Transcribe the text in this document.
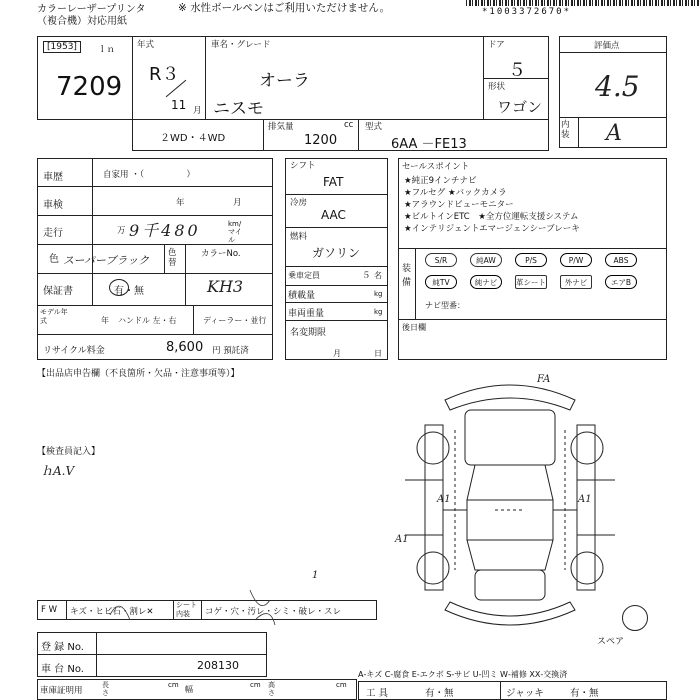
カラーレーザープリンタ
（複合機）対応用紙
※ 水性ボールペンはご利用いただけません。	*1003372670*
[1953]	ｌｎ
7209
年式
R３
11 月
車名・グレード
オーラ
ニスモ
ドア
５
形状
ワゴン
評価点
4.5
内装 A
２WD・４WD
排気量	cc
1200
型式
6AA －FE13
車歴	自家用 ・（　　　　　）
車検	年	月
走行	万 9千480	km/マイル
色 スーパーブラック
色替
カラーNo.
保証書	有・無	KH3
モデル年式	年 ハンドル 左・右	ディーラー・並行
リサイクル料金	8,600 円 預託済
シフト
FAT
冷房
AAC
燃料
ガソリン
乗車定員	５ 名
積載量	kg
車両重量	kg
名変期限
月	日
セールスポイント
★純正9インチナビ
★フルセグ ★バックカメラ
★アラウンドビューモニター
★ビルトインETC　★全方位運転支援システム
★インテリジェントエマージェンシーブレーキ
装備
S/R	純AW	P/S	P/W	ABS
純TV	純ナビ	革シート	外ナビ	エアB
ナビ型番：
後日欄
【出品店申告欄（不良箇所・欠品・注意事項等）】
【検査員記入】
ｈA.V
FA
A1	A1
A1
1
スペア
F W キズ・ヒビ石・割レ✕
シート内装	コゲ・穴・汚レ・シミ・破レ・スレ
登 録 No.
車 台 No.	208130
車庫証明用
長さ
cm 幅	cm 高さ
cm
A‐キズ C‐腐食 E‐エクボ S‐サビ U‐凹ミ W‐補修 XX‐交換済
工 具	有・無	ジャッキ	有・無
